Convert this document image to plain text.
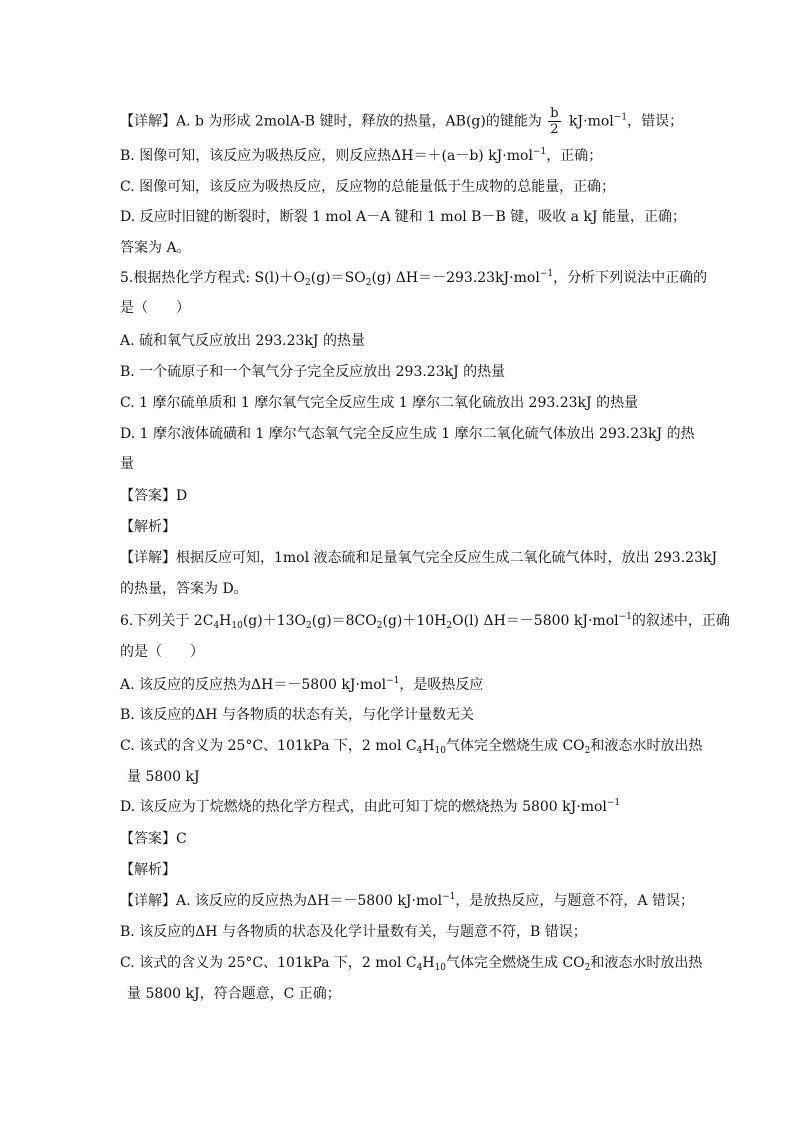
【详解】A. b 为形成 2molA-B 键时，释放的热量，AB(g)的键能为 $\frac{b}{2} kJ\cdot mol^{-1}$，错误；
B. 图像可知，该反应为吸热反应，则反应热ΔH＝＋(a－b) kJ·mol$^{-1}$，正确；
C. 图像可知，该反应为吸热反应，反应物的总能量低于生成物的总能量，正确；
D. 反应时旧键的断裂时，断裂 1 mol A－A 键和 1 mol B－B 键，吸收 a kJ 能量，正确；
答案为 A。
5.根据热化学方程式: $S(l)+O_2(g)=SO_2(g)$ ΔH＝－293.23kJ·mol$^{-1}$，分析下列说法中正确的
是（　　）
A. 硫和氧气反应放出 293.23kJ 的热量
B. 一个硫原子和一个氧气分子完全反应放出 293.23kJ 的热量
C. 1 摩尔硫单质和 1 摩尔氧气完全反应生成 1 摩尔二氧化硫放出 293.23kJ 的热量
D. 1 摩尔液体硫磺和 1 摩尔气态氧气完全反应生成 1 摩尔二氧化硫气体放出 293.23kJ 的热
量
【答案】D
【解析】
【详解】根据反应可知，1mol 液态硫和足量氧气完全反应生成二氧化硫气体时，放出 293.23kJ
的热量，答案为 D。
6.下列关于 $2C_4H_{10}(g)+13O_2(g)=8CO_2(g)+10H_2O(l)$ ΔH＝－5800 kJ·mol$^{-1}$的叙述中，正确
的是（　　）
A. 该反应的反应热为ΔH＝－5800 kJ·mol$^{-1}$，是吸热反应
B. 该反应的ΔH 与各物质的状态有关，与化学计量数无关
C. 该式的含义为 25°C、101kPa 下，2 mol $C_4H_{10}$气体完全燃烧生成 $CO_2$和液态水时放出热
量 5800 kJ
D. 该反应为丁烷燃烧的热化学方程式，由此可知丁烷的燃烧热为 5800 kJ·mol$^{-1}$
【答案】C
【解析】
【详解】A. 该反应的反应热为ΔH＝－5800 kJ·mol$^{-1}$，是放热反应，与题意不符，A 错误；
B. 该反应的ΔH 与各物质的状态及化学计量数有关，与题意不符，B 错误；
C. 该式的含义为 25°C、101kPa 下，2 mol $C_4H_{10}$气体完全燃烧生成 $CO_2$和液态水时放出热
量 5800 kJ，符合题意，C 正确；
